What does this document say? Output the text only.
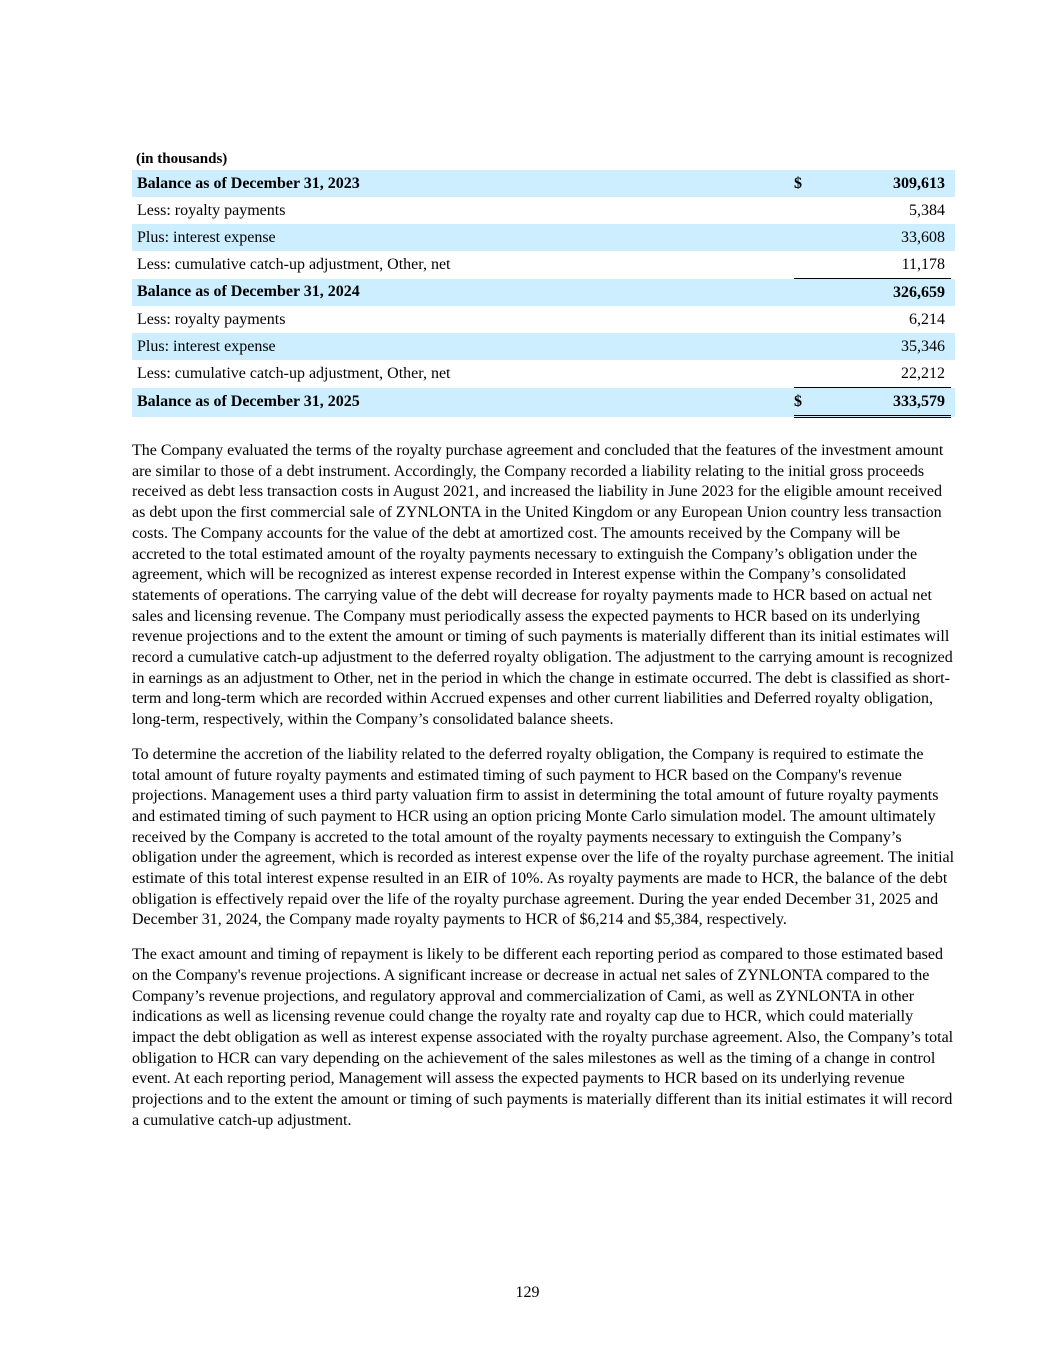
(in thousands)

Balance as of December 31, 2023	$	309,613	

Less: royalty payments		5,384	

Plus: interest expense		33,608	

Less: cumulative catch-up adjustment, Other, net		11,178	

Balance as of December 31, 2024		326,659	

Less: royalty payments		6,214	

Plus: interest expense		35,346	

Less: cumulative catch-up adjustment, Other, net		22,212	

Balance as of December 31, 2025	$	333,579	

The Company evaluated the terms of the royalty purchase agreement and concluded that the features of the investment amount are similar to those of a debt instrument. Accordingly, the Company recorded a liability relating to the initial gross proceeds received as debt less transaction costs in August 2021, and increased the liability in June 2023 for the eligible amount received as debt upon the first commercial sale of ZYNLONTA in the United Kingdom or any European Union country less transaction costs. The Company accounts for the value of the debt at amortized cost. The amounts received by the Company will be accreted to the total estimated amount of the royalty payments necessary to extinguish the Company’s obligation under the agreement, which will be recognized as interest expense recorded in Interest expense within the Company’s consolidated statements of operations. The carrying value of the debt will decrease for royalty payments made to HCR based on actual net sales and licensing revenue. The Company must periodically assess the expected payments to HCR based on its underlying revenue projections and to the extent the amount or timing of such payments is materially different than its initial estimates will record a cumulative catch-up adjustment to the deferred royalty obligation. The adjustment to the carrying amount is recognized in earnings as an adjustment to Other, net in the period in which the change in estimate occurred. The debt is classified as short-term and long-term which are recorded within Accrued expenses and other current liabilities and Deferred royalty obligation, long-term, respectively, within the Company’s consolidated balance sheets.

To determine the accretion of the liability related to the deferred royalty obligation, the Company is required to estimate the total amount of future royalty payments and estimated timing of such payment to HCR based on the Company's revenue projections. Management uses a third party valuation firm to assist in determining the total amount of future royalty payments and estimated timing of such payment to HCR using an option pricing Monte Carlo simulation model. The amount ultimately received by the Company is accreted to the total amount of the royalty payments necessary to extinguish the Company’s obligation under the agreement, which is recorded as interest expense over the life of the royalty purchase agreement. The initial estimate of this total interest expense resulted in an EIR of 10%. As royalty payments are made to HCR, the balance of the debt obligation is effectively repaid over the life of the royalty purchase agreement. During the year ended December 31, 2025 and December 31, 2024, the Company made royalty payments to HCR of $6,214 and $5,384, respectively.

The exact amount and timing of repayment is likely to be different each reporting period as compared to those estimated based on the Company's revenue projections. A significant increase or decrease in actual net sales of ZYNLONTA compared to the Company’s revenue projections, and regulatory approval and commercialization of Cami, as well as ZYNLONTA in other indications as well as licensing revenue could change the royalty rate and royalty cap due to HCR, which could materially impact the debt obligation as well as interest expense associated with the royalty purchase agreement. Also, the Company’s total obligation to HCR can vary depending on the achievement of the sales milestones as well as the timing of a change in control event. At each reporting period, Management will assess the expected payments to HCR based on its underlying revenue projections and to the extent the amount or timing of such payments is materially different than its initial estimates it will record a cumulative catch-up adjustment.

129
